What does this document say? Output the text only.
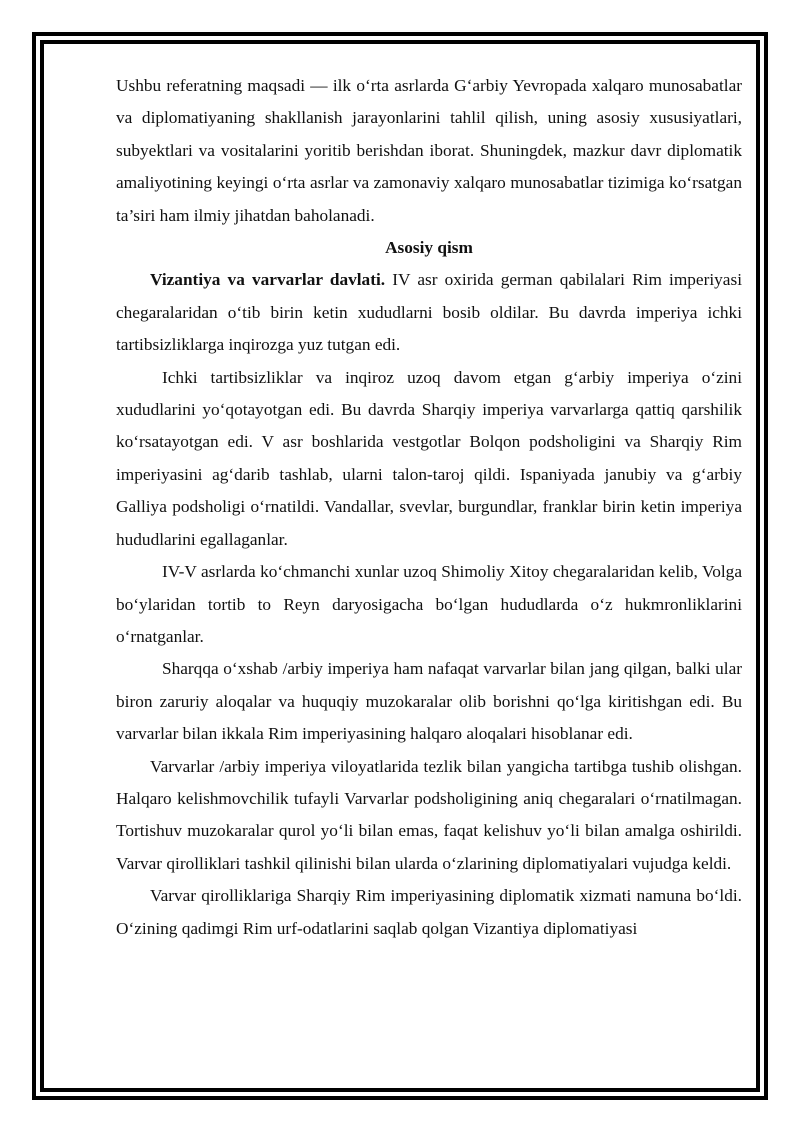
Ushbu referatning maqsadi — ilk o‘rta asrlarda G‘arbiy Yevropada xalqaro munosabatlar va diplomatiyaning shakllanish jarayonlarini tahlil qilish, uning asosiy xususiyatlari, subyektlari va vositalarini yoritib berishdan iborat. Shuningdek, mazkur davr diplomatik amaliyotining keyingi o‘rta asrlar va zamonaviy xalqaro munosabatlar tizimiga ko‘rsatgan ta’siri ham ilmiy jihatdan baholanadi.

Asosiy qism

Vizantiya va varvarlar davlati. IV asr oxirida german qabilalari Rim imperiyasi chegaralaridan o‘tib birin ketin xududlarni bosib oldilar. Bu davrda imperiya ichki tartibsizliklarga inqirozga yuz tutgan edi.

Ichki tartibsizliklar va inqiroz uzoq davom etgan g‘arbiy imperiya o‘zini xududlarini yo‘qotayotgan edi. Bu davrda Sharqiy imperiya varvarlarga qattiq qarshilik ko‘rsatayotgan edi. V asr boshlarida vestgotlar Bolqon podsholigini va Sharqiy Rim imperiyasini ag‘darib tashlab, ularni talon-taroj qildi. Ispaniyada janubiy va g‘arbiy Galliya podsholigi o‘rnatildi. Vandallar, svevlar, burgundlar, franklar birin ketin imperiya hududlarini egallaganlar.

IV-V asrlarda ko‘chmanchi xunlar uzoq Shimoliy Xitoy chegaralaridan kelib, Volga bo‘ylaridan tortib to Reyn daryosigacha bo‘lgan hududlarda o‘z hukmronliklarini o‘rnatganlar.

Sharqqa o‘xshab /arbiy imperiya ham nafaqat varvarlar bilan jang qilgan, balki ular biron zaruriy aloqalar va huquqiy muzokaralar olib borishni qo‘lga kiritishgan edi. Bu varvarlar bilan ikkala Rim imperiyasining halqaro aloqalari hisoblanar edi.

Varvarlar /arbiy imperiya viloyatlarida tezlik bilan yangicha tartibga tushib olishgan. Halqaro kelishmovchilik tufayli Varvarlar podsholigining aniq chegaralari o‘rnatilmagan. Tortishuv muzokaralar qurol yo‘li bilan emas, faqat kelishuv yo‘li bilan amalga oshirildi. Varvar qirolliklari tashkil qilinishi bilan ularda o‘zlarining diplomatiyalari vujudga keldi.

Varvar qirolliklariga Sharqiy Rim imperiyasining diplomatik xizmati namuna bo‘ldi. O‘zining qadimgi Rim urf-odatlarini saqlab qolgan Vizantiya diplomatiyasi
